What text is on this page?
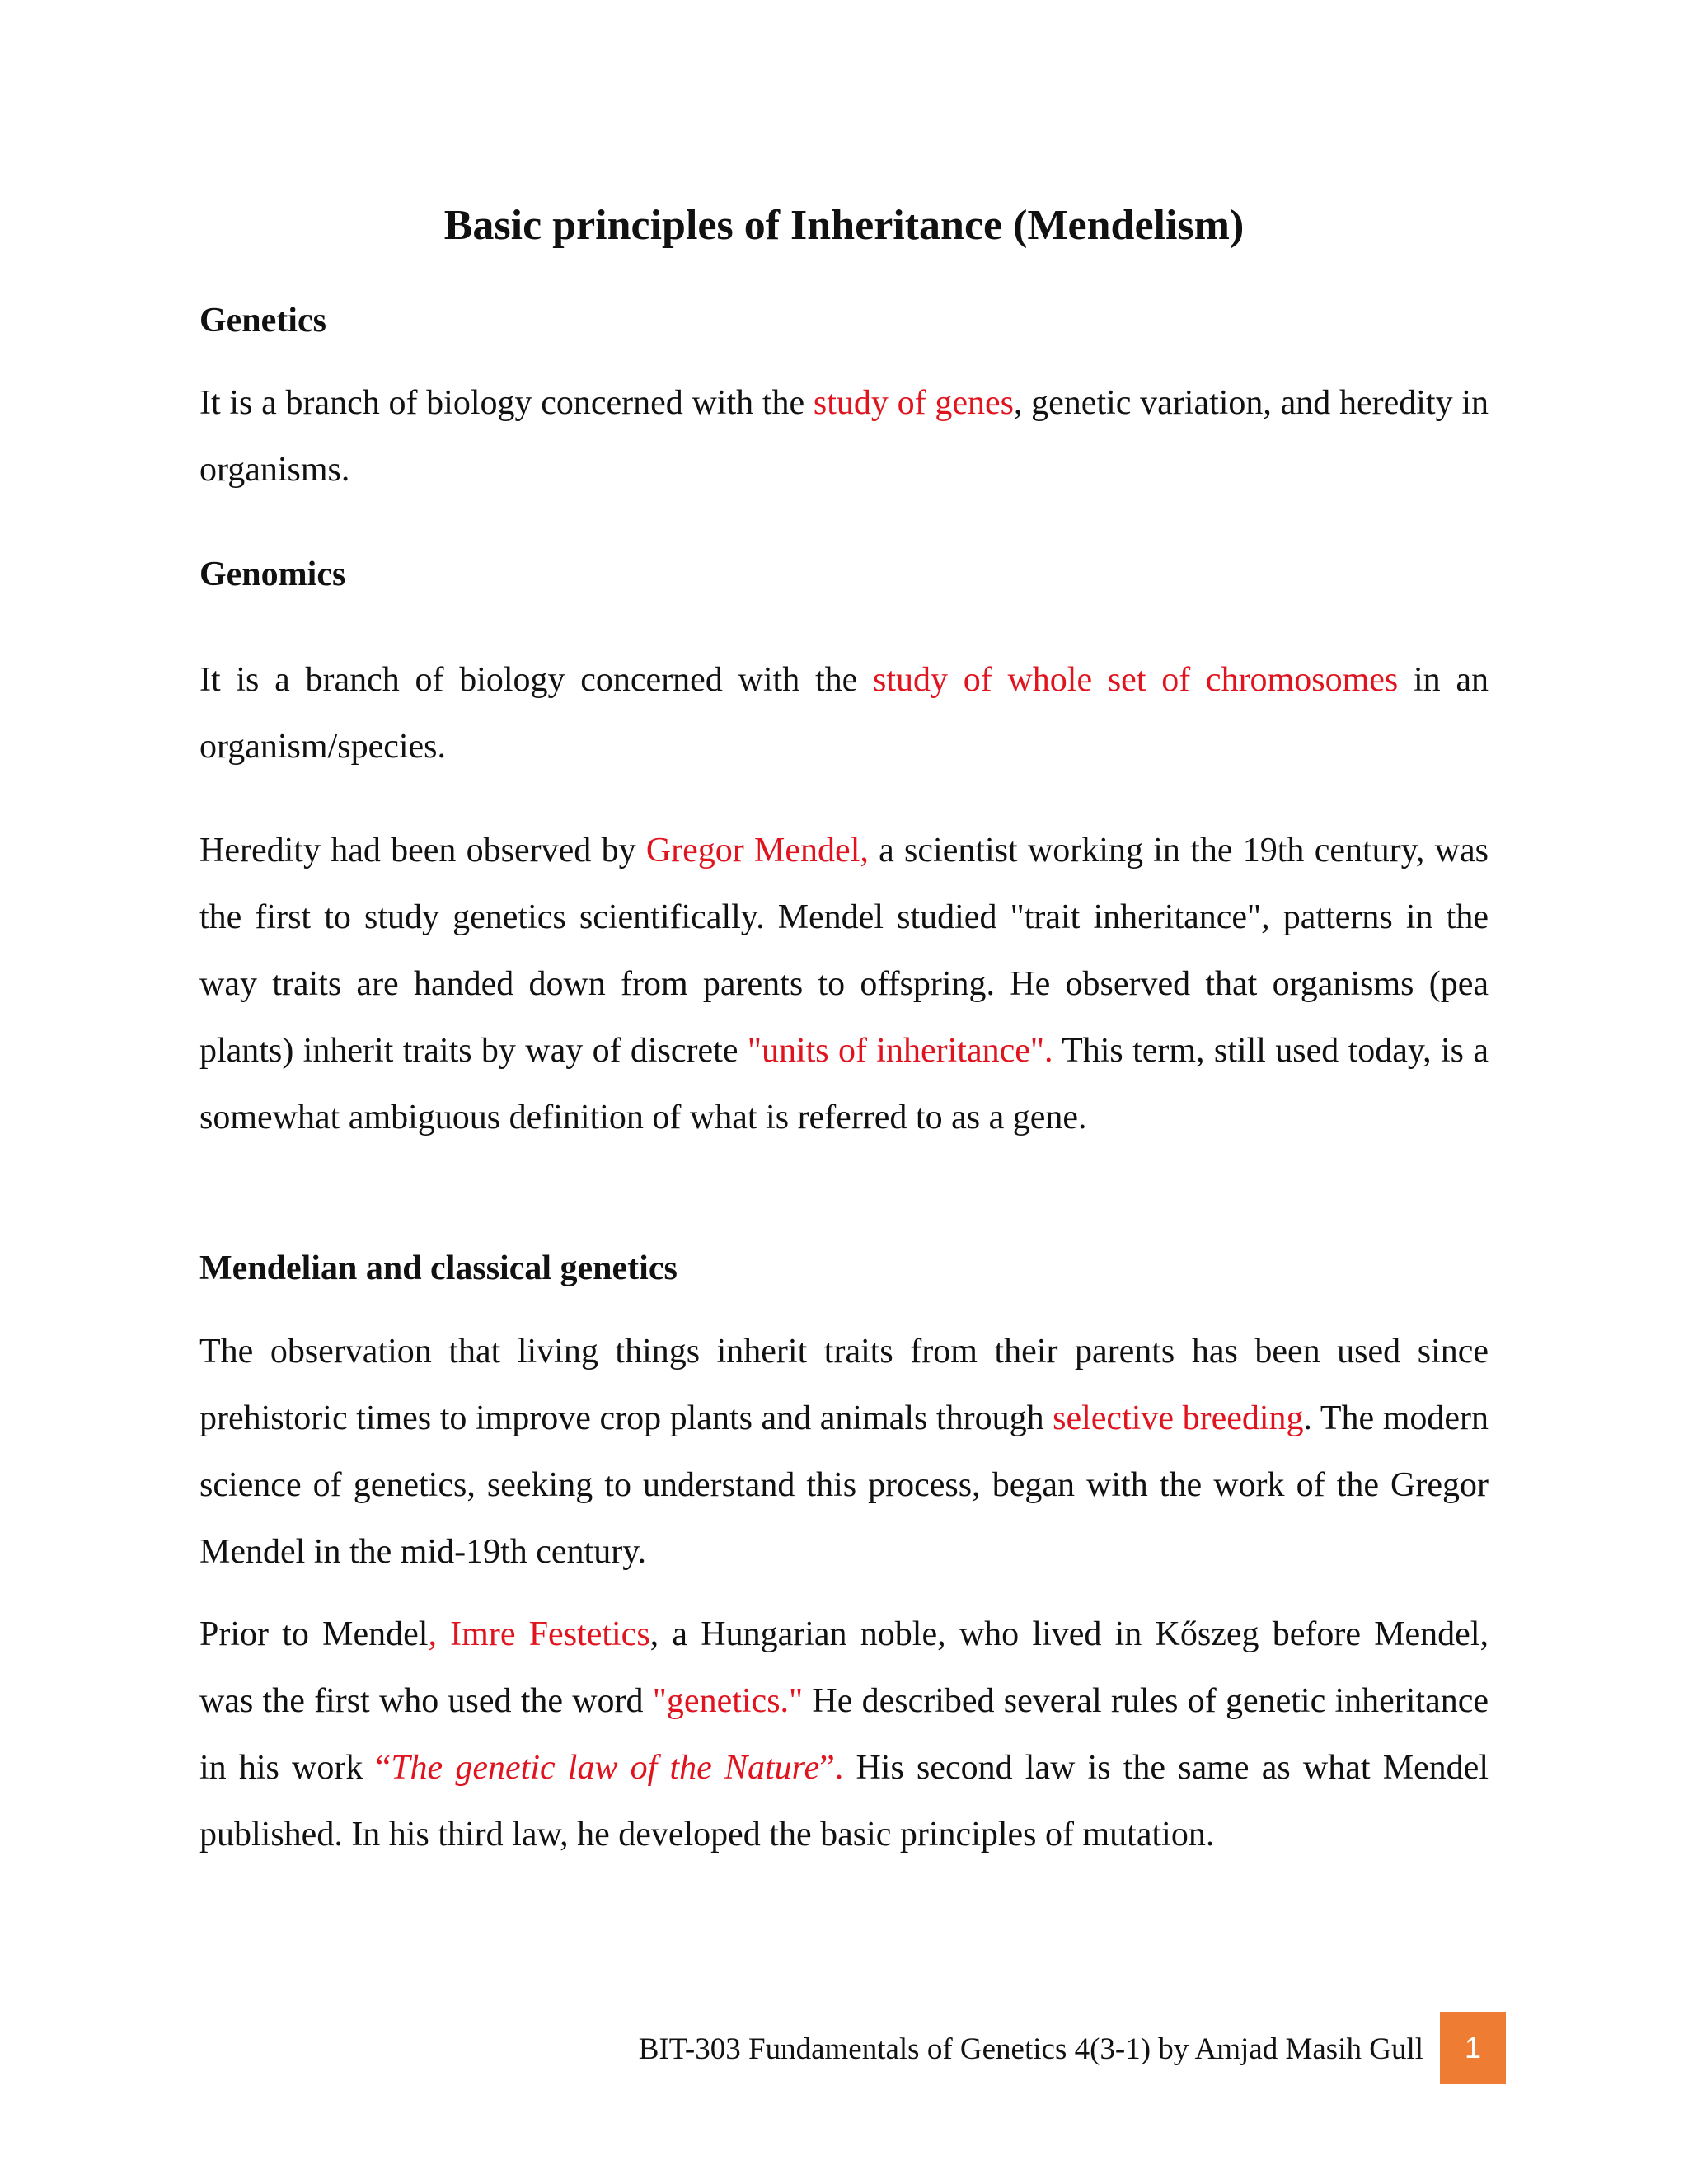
Basic principles of Inheritance (Mendelism)
Genetics

It is a branch of biology concerned with the study of genes, genetic variation, and heredity in organisms.

Genomics

It is a branch of biology concerned with the study of whole set of chromosomes in an organism/species.

Heredity had been observed by Gregor Mendel, a scientist working in the 19th century, was the first to study genetics scientifically. Mendel studied "trait inheritance", patterns in the way traits are handed down from parents to offspring. He observed that organisms (pea plants) inherit traits by way of discrete "units of inheritance". This term, still used today, is a somewhat ambiguous definition of what is referred to as a gene.

Mendelian and classical genetics

The observation that living things inherit traits from their parents has been used since prehistoric times to improve crop plants and animals through selective breeding. The modern science of genetics, seeking to understand this process, began with the work of the Gregor Mendel in the mid-19th century.

Prior to Mendel, Imre Festetics, a Hungarian noble, who lived in Kőszeg before Mendel, was the first who used the word "genetics." He described several rules of genetic inheritance in his work “The genetic law of the Nature”. His second law is the same as what Mendel published. In his third law, he developed the basic principles of mutation.

BIT-303 Fundamentals of Genetics 4(3-1) by Amjad Masih Gull	1
